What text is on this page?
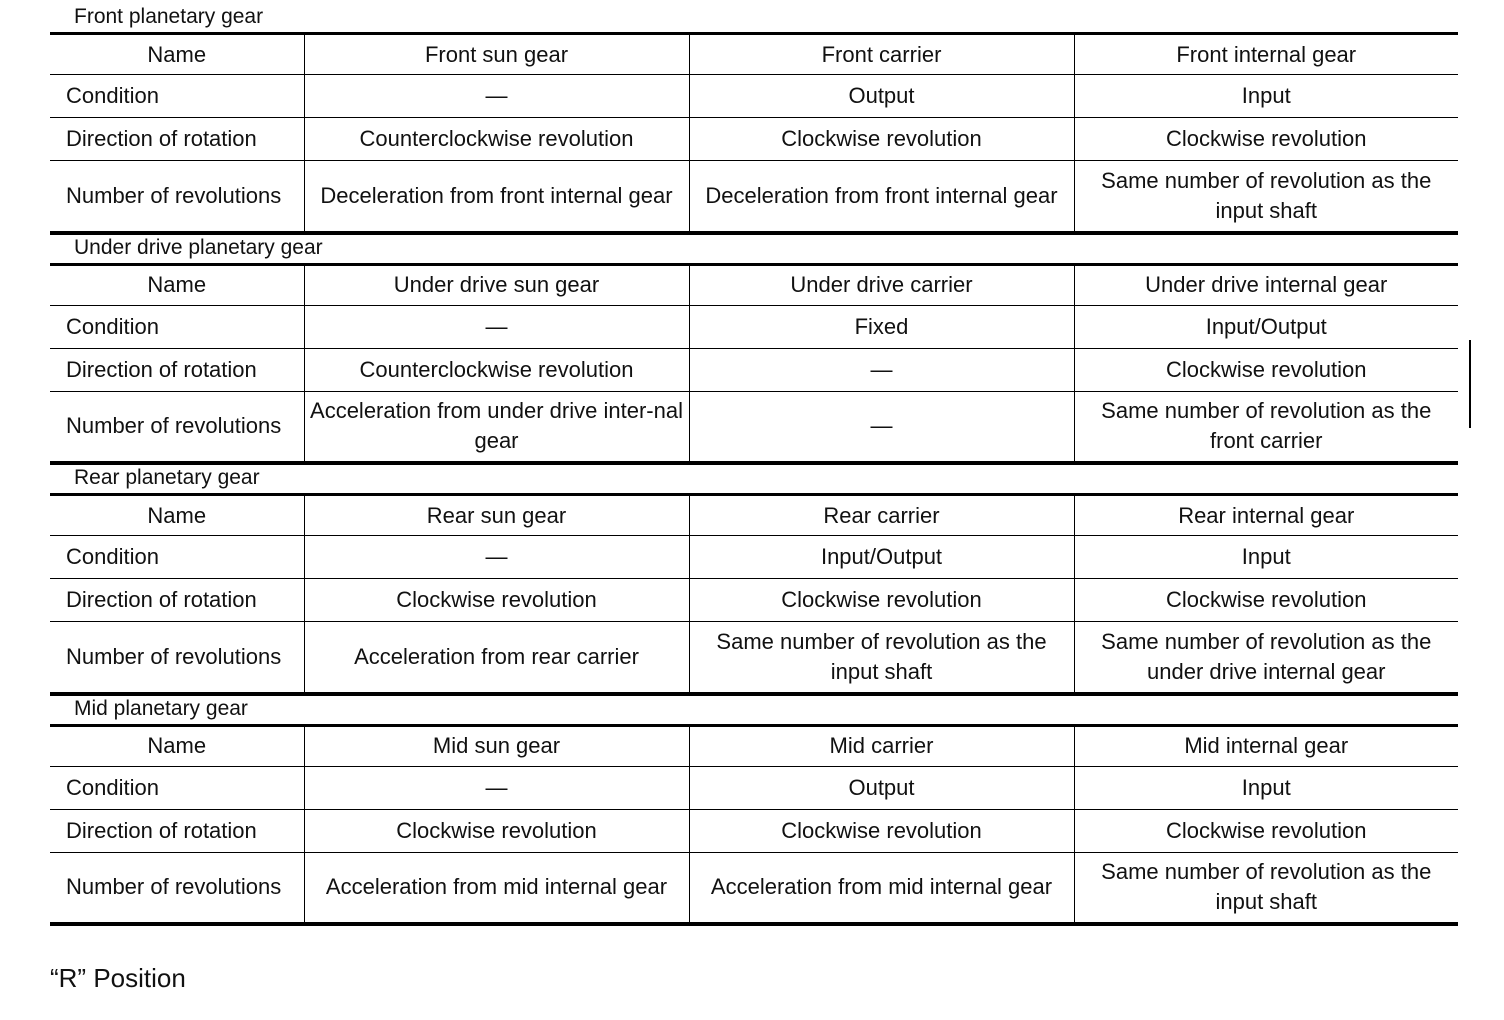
Front planetary gear
Name	Front sun gear	Front carrier	Front internal gear
Condition	—	Output	Input
Direction of rotation	Counterclockwise revolution	Clockwise revolution	Clockwise revolution
Number of revolutions	Deceleration from front internal gear	Deceleration from front internal gear	Same number of revolution as the input shaft
Under drive planetary gear
Name	Under drive sun gear	Under drive carrier	Under drive internal gear
Condition	—	Fixed	Input/Output
Direction of rotation	Counterclockwise revolution	—	Clockwise revolution
Number of revolutions	Acceleration from under drive inter-nal gear	—	Same number of revolution as the front carrier
Rear planetary gear
Name	Rear sun gear	Rear carrier	Rear internal gear
Condition	—	Input/Output	Input
Direction of rotation	Clockwise revolution	Clockwise revolution	Clockwise revolution
Number of revolutions	Acceleration from rear carrier	Same number of revolution as the input shaft	Same number of revolution as the under drive internal gear
Mid planetary gear
Name	Mid sun gear	Mid carrier	Mid internal gear
Condition	—	Output	Input
Direction of rotation	Clockwise revolution	Clockwise revolution	Clockwise revolution
Number of revolutions	Acceleration from mid internal gear	Acceleration from mid internal gear	Same number of revolution as the input shaft
“R” Position
